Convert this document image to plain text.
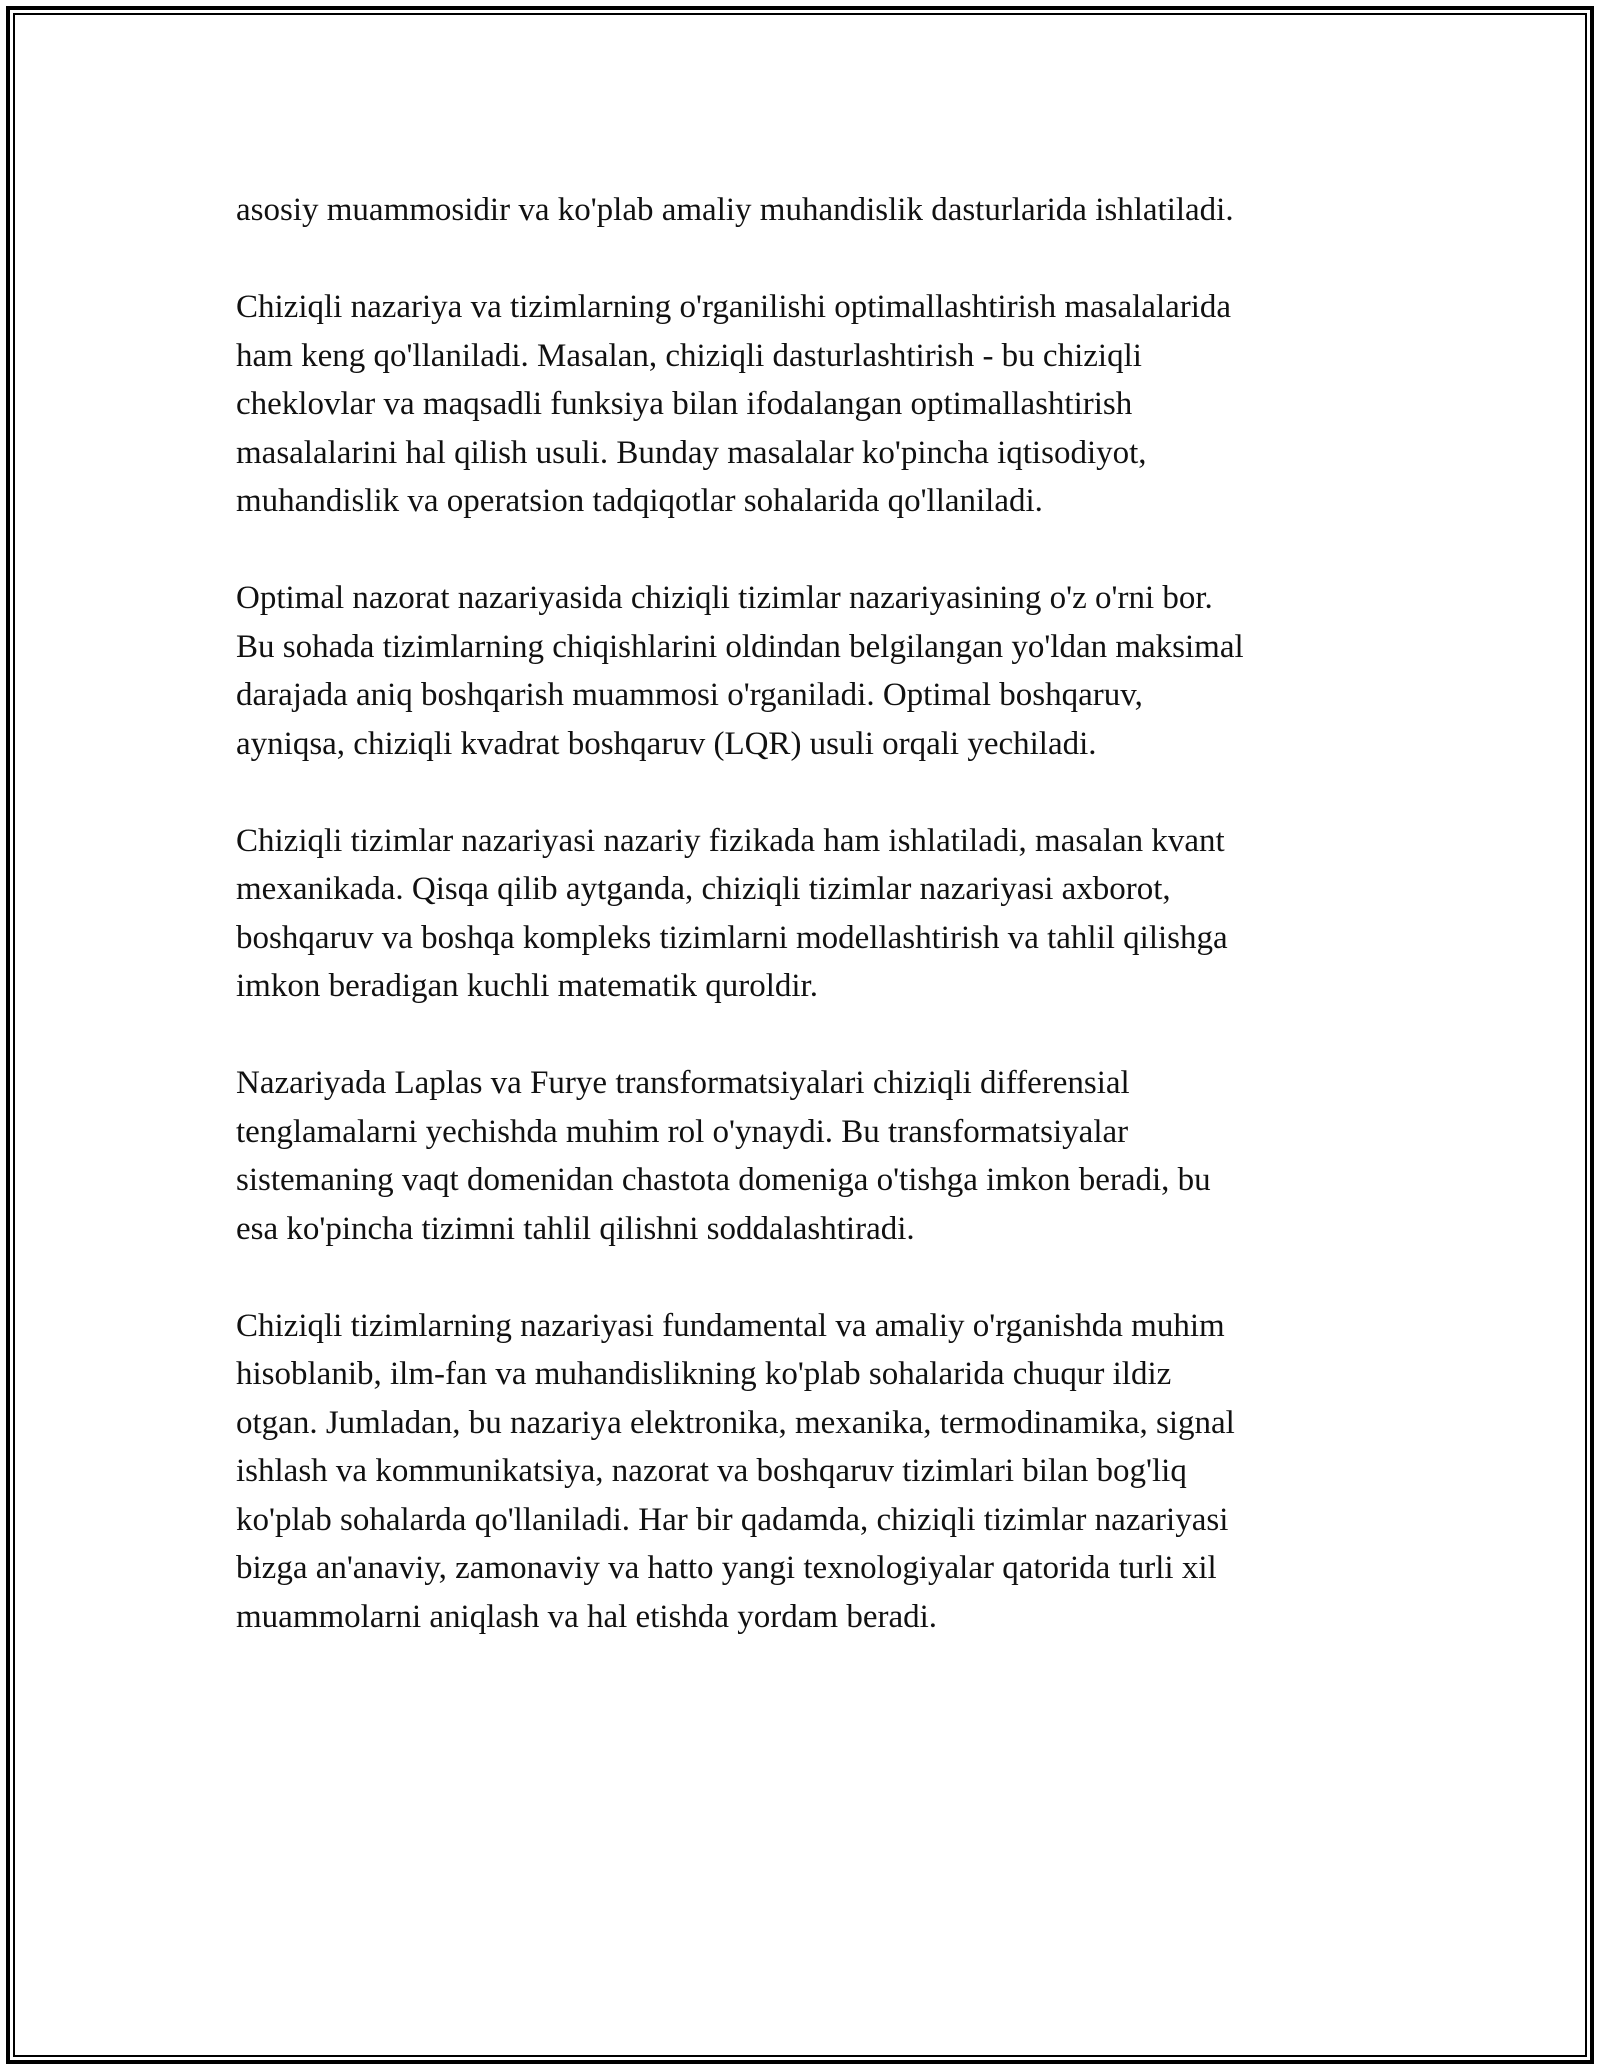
asosiy muammosidir va ko'plab amaliy muhandislik dasturlarida ishlatiladi.

Chiziqli nazariya va tizimlarning o'rganilishi optimallashtirish masalalarida
ham keng qo'llaniladi. Masalan, chiziqli dasturlashtirish - bu chiziqli
cheklovlar va maqsadli funksiya bilan ifodalangan optimallashtirish
masalalarini hal qilish usuli. Bunday masalalar ko'pincha iqtisodiyot,
muhandislik va operatsion tadqiqotlar sohalarida qo'llaniladi.

Optimal nazorat nazariyasida chiziqli tizimlar nazariyasining o'z o'rni bor.
Bu sohada tizimlarning chiqishlarini oldindan belgilangan yo'ldan maksimal
darajada aniq boshqarish muammosi o'rganiladi. Optimal boshqaruv,
ayniqsa, chiziqli kvadrat boshqaruv (LQR) usuli orqali yechiladi.

Chiziqli tizimlar nazariyasi nazariy fizikada ham ishlatiladi, masalan kvant
mexanikada. Qisqa qilib aytganda, chiziqli tizimlar nazariyasi axborot,
boshqaruv va boshqa kompleks tizimlarni modellashtirish va tahlil qilishga
imkon beradigan kuchli matematik quroldir.

Nazariyada Laplas va Furye transformatsiyalari chiziqli differensial
tenglamalarni yechishda muhim rol o'ynaydi. Bu transformatsiyalar
sistemaning vaqt domenidan chastota domeniga o'tishga imkon beradi, bu
esa ko'pincha tizimni tahlil qilishni soddalashtiradi.

Chiziqli tizimlarning nazariyasi fundamental va amaliy o'rganishda muhim
hisoblanib, ilm-fan va muhandislikning ko'plab sohalarida chuqur ildiz
otgan. Jumladan, bu nazariya elektronika, mexanika, termodinamika, signal
ishlash va kommunikatsiya, nazorat va boshqaruv tizimlari bilan bog'liq
ko'plab sohalarda qo'llaniladi. Har bir qadamda, chiziqli tizimlar nazariyasi
bizga an'anaviy, zamonaviy va hatto yangi texnologiyalar qatorida turli xil
muammolarni aniqlash va hal etishda yordam beradi.
